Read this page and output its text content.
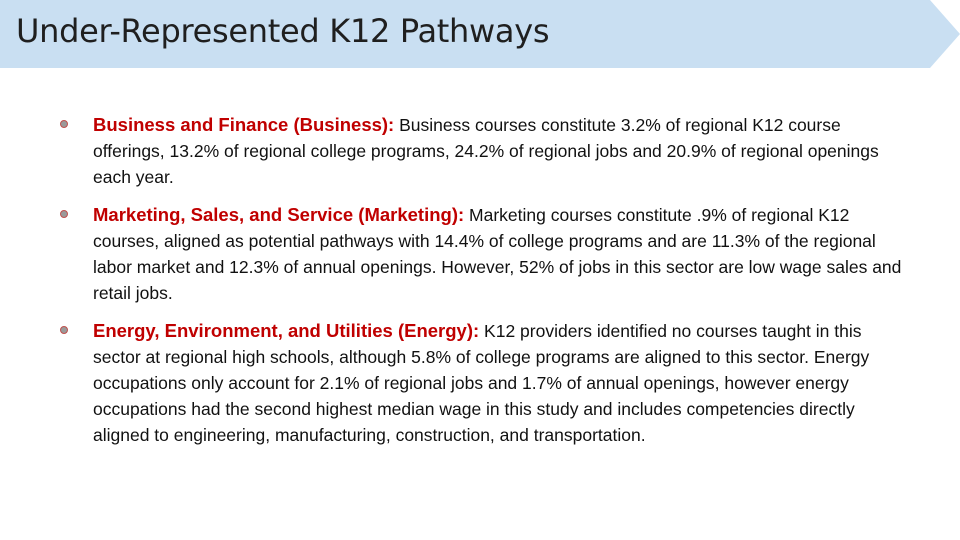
Under-Represented K12 Pathways
Business and Finance (Business): Business courses constitute 3.2% of regional K12 course offerings, 13.2% of regional college programs, 24.2% of regional jobs and 20.9% of regional openings each year.
Marketing, Sales, and Service (Marketing): Marketing courses constitute .9% of regional K12 courses, aligned as potential pathways with 14.4% of college programs and are 11.3% of the regional labor market and 12.3% of annual openings. However, 52% of jobs in this sector are low wage sales and retail jobs.
Energy, Environment, and Utilities (Energy): K12 providers identified no courses taught in this sector at regional high schools, although 5.8% of college programs are aligned to this sector. Energy occupations only account for 2.1% of regional jobs and 1.7% of annual openings, however energy occupations had the second highest median wage in this study and includes competencies directly aligned to engineering, manufacturing, construction, and transportation.
